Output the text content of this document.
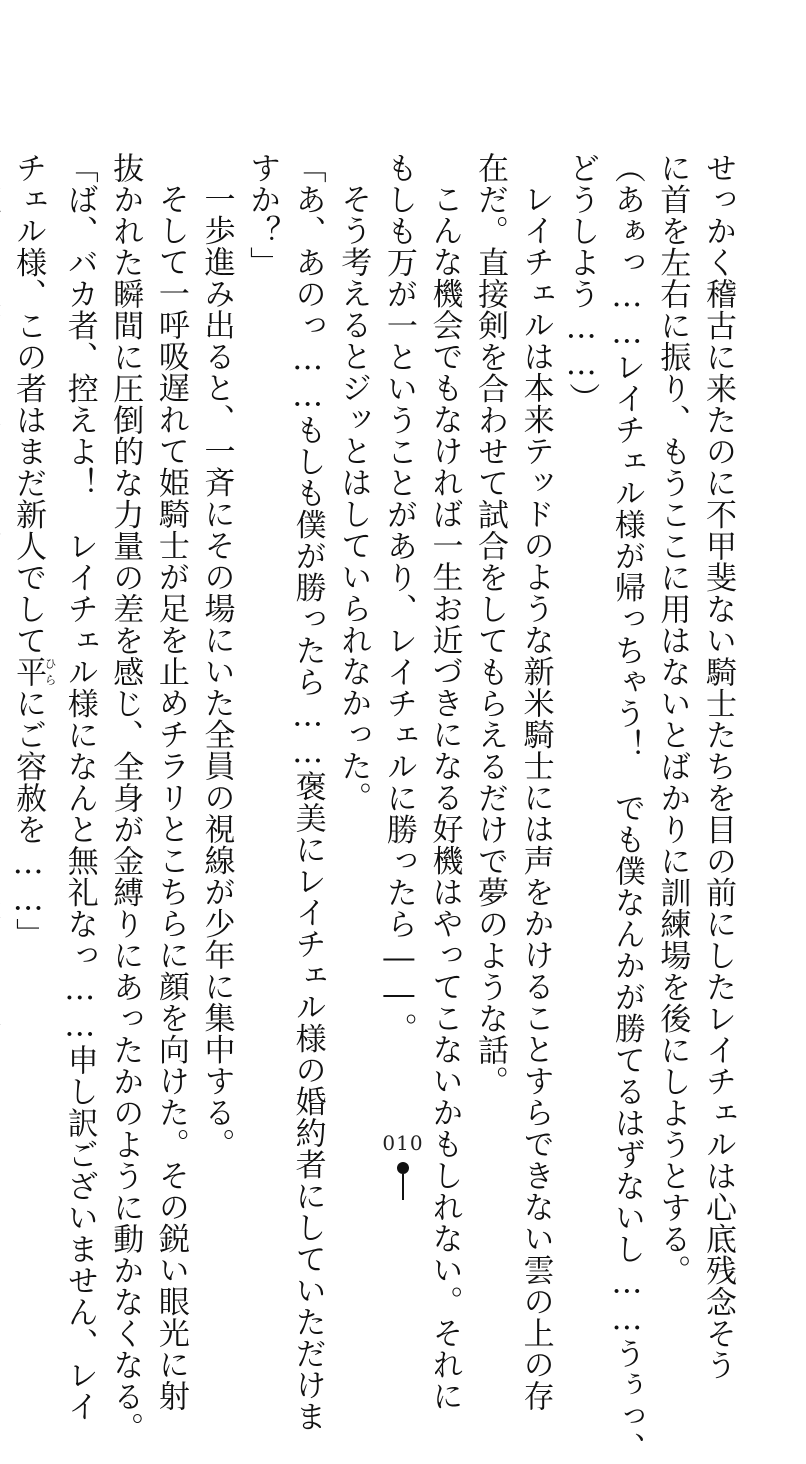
せっかく稽古に来たのに不甲斐ない騎士たちを目の前にしたレイチェルは心底残念そう
に首を左右に振り、もうここに用はないとばかりに訓練場を後にしようとする。
（あぁっ……レイチェル様が帰っちゃう！　でも僕なんかが勝てるはずないし……うぅっ、
どうしよう……）
レイチェルは本来テッドのような新米騎士には声をかけることすらできない雲の上の存
在だ。直接剣を合わせて試合をしてもらえるだけで夢のような話。
こんな機会でもなければ一生お近づきになる好機はやってこないかもしれない。それに
もしも万が一ということがあり、レイチェルに勝ったら――。
そう考えるとジッとはしていられなかった。
「あ、あのっ……もしも僕が勝ったら……褒美にレイチェル様の婚約者にしていただけま
すか？」
一歩進み出ると、一斉にその場にいた全員の視線が少年に集中する。
そして一呼吸遅れて姫騎士が足を止めチラリとこちらに顔を向けた。その鋭い眼光に射
抜かれた瞬間に圧倒的な力量の差を感じ、全身が金縛りにあったかのように動かなくなる。
「ば、バカ者、控えよ！　レイチェル様になんと無礼なっ……申し訳ございません、レイ
チェル様、この者はまだ新人でして平ひらにご容赦を……」
010
